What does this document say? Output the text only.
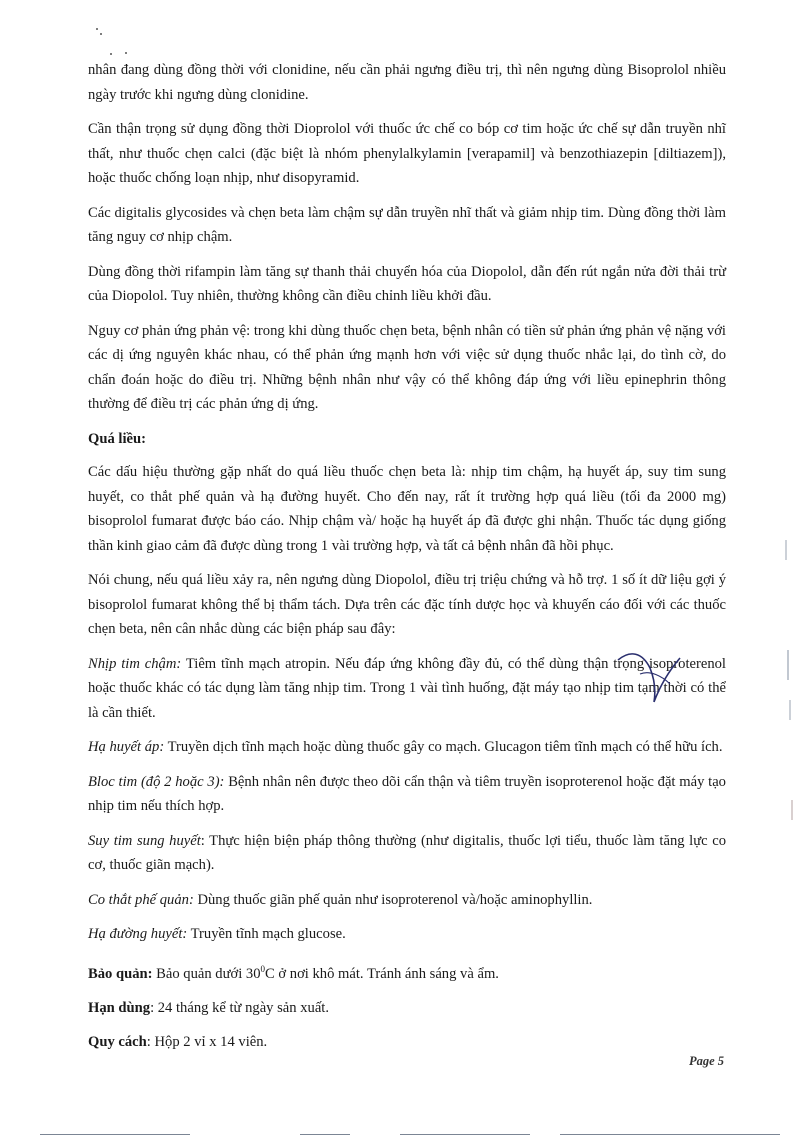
nhân đang dùng đồng thời với clonidine, nếu cần phải ngưng điều trị, thì nên ngưng dùng Bisoprolol nhiều ngày trước khi ngưng dùng clonidine.

Cần thận trọng sử dụng đồng thời Dioprolol với thuốc ức chế co bóp cơ tim hoặc ức chế sự dẫn truyền nhĩ thất, như thuốc chẹn calci (đặc biệt là nhóm phenylalkylamin [verapamil] và benzothiazepin [diltiazem]), hoặc thuốc chống loạn nhịp, như disopyramid.

Các digitalis glycosides và chẹn beta làm chậm sự dẫn truyền nhĩ thất và giảm nhịp tim. Dùng đồng thời làm tăng nguy cơ nhịp chậm.

Dùng đồng thời rifampin làm tăng sự thanh thải chuyển hóa của Diopolol, dẫn đến rút ngắn nửa đời thải trừ của Diopolol. Tuy nhiên, thường không cần điều chỉnh liều khởi đầu.

Nguy cơ phản ứng phản vệ: trong khi dùng thuốc chẹn beta, bệnh nhân có tiền sử phản ứng phản vệ nặng với các dị ứng nguyên khác nhau, có thể phản ứng mạnh hơn với việc sử dụng thuốc nhắc lại, do tình cờ, do chẩn đoán hoặc do điều trị. Những bệnh nhân như vậy có thể không đáp ứng với liều epinephrin thông thường để điều trị các phản ứng dị ứng.

Quá liều:

Các dấu hiệu thường gặp nhất do quá liều thuốc chẹn beta là: nhịp tim chậm, hạ huyết áp, suy tim sung huyết, co thắt phế quản và hạ đường huyết. Cho đến nay, rất ít trường hợp quá liều (tối đa 2000 mg) bisoprolol fumarat được báo cáo. Nhịp chậm và/ hoặc hạ huyết áp đã được ghi nhận. Thuốc tác dụng giống thần kinh giao cảm đã được dùng trong 1 vài trường hợp, và tất cả bệnh nhân đã hồi phục.

Nói chung, nếu quá liều xảy ra, nên ngưng dùng Diopolol, điều trị triệu chứng và hỗ trợ. 1 số ít dữ liệu gợi ý bisoprolol fumarat không thể bị thẩm tách. Dựa trên các đặc tính dược học và khuyến cáo đối với các thuốc chẹn beta, nên cân nhắc dùng các biện pháp sau đây:

Nhịp tim chậm: Tiêm tĩnh mạch atropin. Nếu đáp ứng không đầy đủ, có thể dùng thận trọng isoproterenol hoặc thuốc khác có tác dụng làm tăng nhịp tim. Trong 1 vài tình huống, đặt máy tạo nhịp tim tạm thời có thể là cần thiết.

Hạ huyết áp: Truyền dịch tĩnh mạch hoặc dùng thuốc gây co mạch. Glucagon tiêm tĩnh mạch có thể hữu ích.

Bloc tim (độ 2 hoặc 3): Bệnh nhân nên được theo dõi cẩn thận và tiêm truyền isoproterenol hoặc đặt máy tạo nhịp tim nếu thích hợp.

Suy tim sung huyết: Thực hiện biện pháp thông thường (như digitalis, thuốc lợi tiểu, thuốc làm tăng lực co cơ, thuốc giãn mạch).

Co thắt phế quản: Dùng thuốc giãn phế quản như isoproterenol và/hoặc aminophyllin.

Hạ đường huyết: Truyền tĩnh mạch glucose.

Bảo quản: Bảo quản dưới $30^0C$ ở nơi khô mát. Tránh ánh sáng và ẩm.

Hạn dùng: 24 tháng kể từ ngày sản xuất.

Quy cách: Hộp 2 vỉ x 14 viên.

Page 5
